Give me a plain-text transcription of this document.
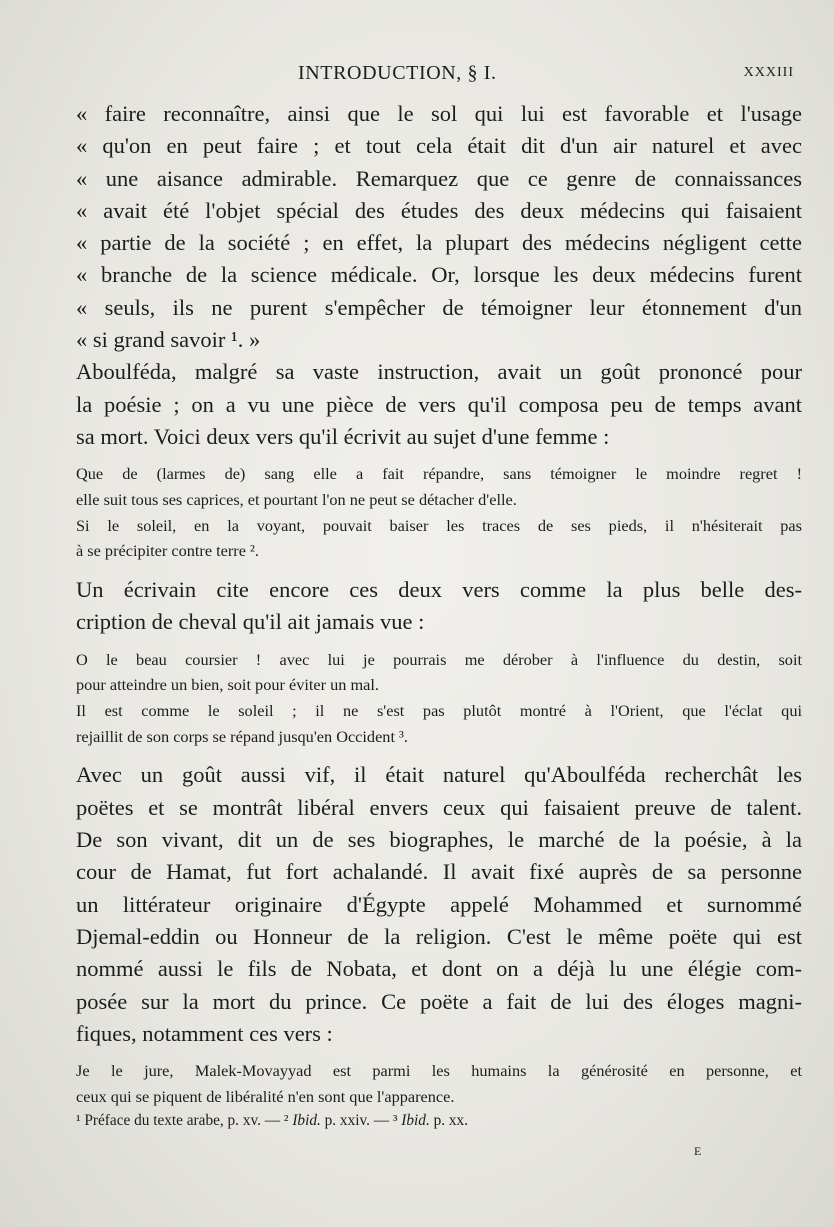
INTRODUCTION, § I.	XXXIII

« faire reconnaître, ainsi que le sol qui lui est favorable et l'usage
« qu'on en peut faire ; et tout cela était dit d'un air naturel et avec
« une aisance admirable. Remarquez que ce genre de connaissances
« avait été l'objet spécial des études des deux médecins qui faisaient
« partie de la société ; en effet, la plupart des médecins négligent cette
« branche de la science médicale. Or, lorsque les deux médecins furent
« seuls, ils ne purent s'empêcher de témoigner leur étonnement d'un
« si grand savoir ¹. »

Aboulféda, malgré sa vaste instruction, avait un goût prononcé pour
la poésie ; on a vu une pièce de vers qu'il composa peu de temps avant
sa mort. Voici deux vers qu'il écrivit au sujet d'une femme :

Que de (larmes de) sang elle a fait répandre, sans témoigner le moindre regret !
elle suit tous ses caprices, et pourtant l'on ne peut se détacher d'elle.

Si le soleil, en la voyant, pouvait baiser les traces de ses pieds, il n'hésiterait pas
à se précipiter contre terre ².

Un écrivain cite encore ces deux vers comme la plus belle des-
cription de cheval qu'il ait jamais vue :

O le beau coursier ! avec lui je pourrais me dérober à l'influence du destin, soit
pour atteindre un bien, soit pour éviter un mal.

Il est comme le soleil ; il ne s'est pas plutôt montré à l'Orient, que l'éclat qui
rejaillit de son corps se répand jusqu'en Occident ³.

Avec un goût aussi vif, il était naturel qu'Aboulféda recherchât les
poëtes et se montrât libéral envers ceux qui faisaient preuve de talent.
De son vivant, dit un de ses biographes, le marché de la poésie, à la
cour de Hamat, fut fort achalandé. Il avait fixé auprès de sa personne
un littérateur originaire d'Égypte appelé Mohammed et surnommé
Djemal-eddin ou Honneur de la religion. C'est le même poëte qui est
nommé aussi le fils de Nobata, et dont on a déjà lu une élégie com-
posée sur la mort du prince. Ce poëte a fait de lui des éloges magni-
fiques, notamment ces vers :

Je le jure, Malek-Movayyad est parmi les humains la générosité en personne, et
ceux qui se piquent de libéralité n'en sont que l'apparence.

¹ Préface du texte arabe, p. xv. — ² Ibid. p. xxiv. — ³ Ibid. p. xx.

E
